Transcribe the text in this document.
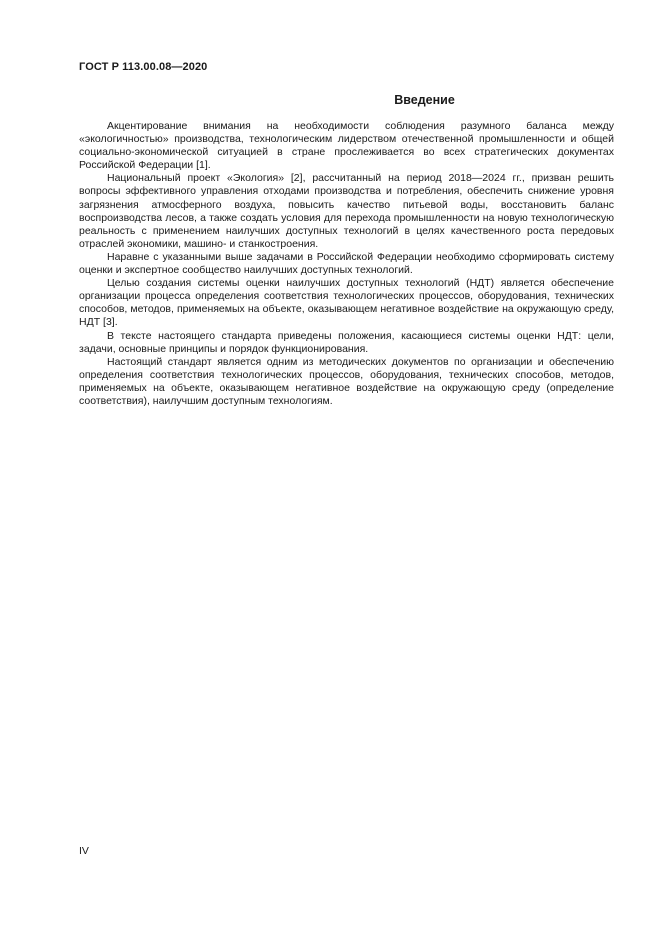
ГОСТ Р 113.00.08—2020
Введение

Акцентирование внимания на необходимости соблюдения разумного баланса между «экологичностью» производства, технологическим лидерством отечественной промышленности и общей социально-экономической ситуацией в стране прослеживается во всех стратегических документах Российской Федерации [1].

Национальный проект «Экология» [2], рассчитанный на период 2018—2024 гг., призван решить вопросы эффективного управления отходами производства и потребления, обеспечить снижение уровня загрязнения атмосферного воздуха, повысить качество питьевой воды, восстановить баланс воспроизводства лесов, а также создать условия для перехода промышленности на новую технологическую реальность с применением наилучших доступных технологий в целях качественного роста передовых отраслей экономики, машино- и станкостроения.

Наравне с указанными выше задачами в Российской Федерации необходимо сформировать систему оценки и экспертное сообщество наилучших доступных технологий.

Целью создания системы оценки наилучших доступных технологий (НДТ) является обеспечение организации процесса определения соответствия технологических процессов, оборудования, технических способов, методов, применяемых на объекте, оказывающем негативное воздействие на окружающую среду, НДТ [3].

В тексте настоящего стандарта приведены положения, касающиеся системы оценки НДТ: цели, задачи, основные принципы и порядок функционирования.

Настоящий стандарт является одним из методических документов по организации и обеспечению определения соответствия технологических процессов, оборудования, технических способов, методов, применяемых на объекте, оказывающем негативное воздействие на окружающую среду (определение соответствия), наилучшим доступным технологиям.

IV
